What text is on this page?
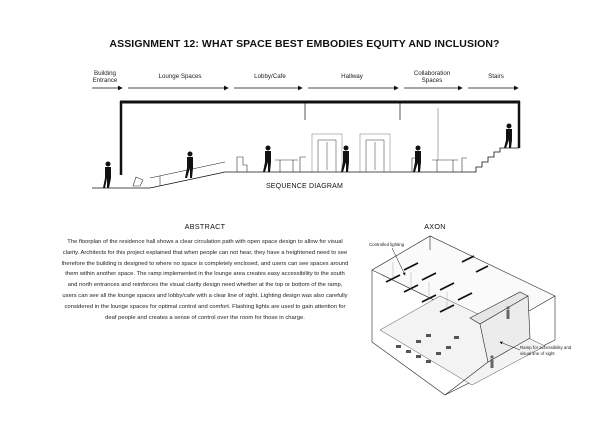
ASSIGNMENT 12: WHAT SPACE BEST EMBODIES EQUITY AND INCLUSION?
Building Entrance
Lounge Spaces	Lobby/Cafe	Hallway	Collaboration Spaces
Stairs
SEQUENCE DIAGRAM
ABSTRACT
The floorplan of the residence hall shows a clear circulation path with open space design to allow for visual clarity. Architects for this project explained that when people can not hear, they have a heightened need to see therefore the building is designed to where no space is completely enclosed, and users can see spaces around them within another space. The ramp implemented in the lounge area creates easy accessibility to the south and north entrances and reinforces the visual clarity design need whether at the top or bottom of the ramp, users can see all the lounge spaces and lobby/cafe with a clear line of sight. Lighting design was also carefully considered in the lounge spaces for optimal control and comfort. Flashing lights are used to gain attention for deaf people and creates a sense of control over the room for those in charge.
AXON
Controlled lighting
Ramp for accessibility and visual line of sight
